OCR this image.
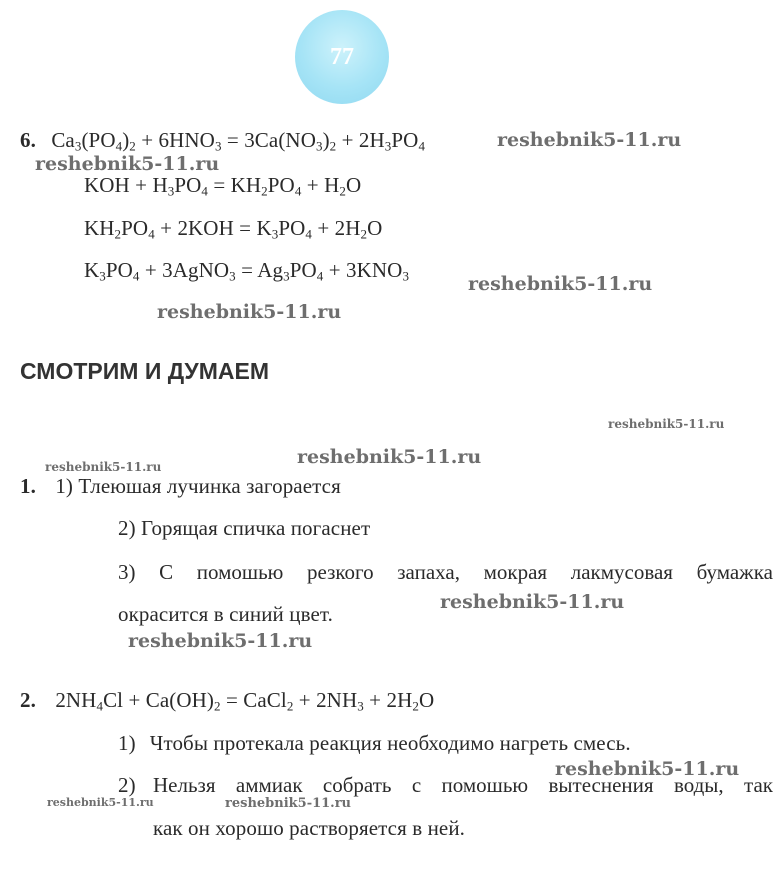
77
6. $Ca_3(PO_4)_2 + 6HNO_3 = 3Ca(NO_3)_2 + 2H_3PO_4$
KOH + $H_3PO_4 = KH_2PO_4 + H_2O$
$KH_2PO_4 + 2KOH = K_3PO_4 + 2H_2O$
$K_3PO_4$ + 3AgNO$_3$ = $Ag_3PO_4 + 3KNO_3$
СМОТРИМ И ДУМАЕМ
1. 1) Тлеюшая лучинка загорается
2) Горящая спичка погаснет
3) С помошью резкого запаха, мокрая лакмусовая бумажка
окрасится в синий цвет.
2. $2NH_4Cl + Ca(OH)_2$ = CaCl$_2$ + $2NH_3 + 2H_2O$
1) Чтобы протекала реакция необходимо нагреть смесь.
2) Нельзя аммиак собрать с помошью вытеснения воды, так
как он хорошо растворяется в ней.
reshebnik5-11.ru
reshebnik5-11.ru
reshebnik5-11.ru
reshebnik5-11.ru
reshebnik5-11.ru
reshebnik5-11.ru
reshebnik5-11.ru
reshebnik5-11.ru
reshebnik5-11.ru
reshebnik5-11.ru
reshebnik5-11.ru	reshebnik5-11.ru
